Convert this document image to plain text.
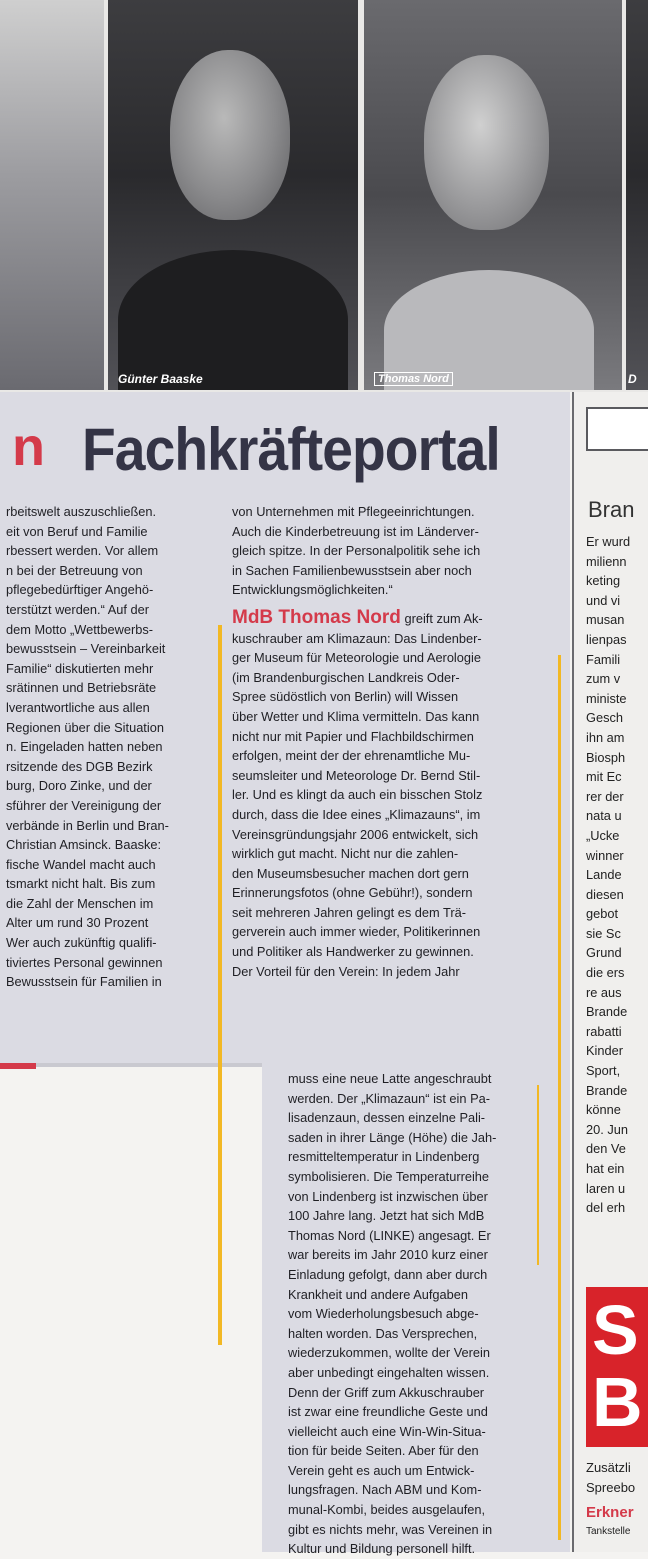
Günter Baaske	Thomas Nord	D
n Fachkräfteportal

rbeitswelt auszuschließen.

eit von Beruf und Familie

rbessert werden. Vor allem

n bei der Betreuung von

pflegebedürftiger Angehö-

terstützt werden.“ Auf der

dem Motto „Wettbewerbs-

bewusstsein – Vereinbarkeit

Familie“ diskutierten mehr

srätinnen und Betriebsräte

lverantwortliche aus allen

Regionen über die Situation

n. Eingeladen hatten neben

rsitzende des DGB Bezirk

burg, Doro Zinke, und der

sführer der Vereinigung der

verbände in Berlin und Bran-

Christian Amsinck. Baaske:

fische Wandel macht auch

tsmarkt nicht halt. Bis zum

die Zahl der Menschen im

Alter um rund 30 Prozent

Wer auch zukünftig qualifi-

tiviertes Personal gewinnen

Bewusstsein für Familien in

von Unternehmen mit Pflegeeinrichtungen.

Auch die Kinderbetreuung ist im Länderver-

gleich spitze. In der Personalpolitik sehe ich

in Sachen Familienbewusstsein aber noch

Entwicklungsmöglichkeiten.“

MdB Thomas Nord greift zum Ak-

kuschrauber am Klimazaun: Das Lindenber-

ger Museum für Meteorologie und Aerologie

(im Brandenburgischen Landkreis Oder-

Spree südöstlich von Berlin) will Wissen

über Wetter und Klima vermitteln. Das kann

nicht nur mit Papier und Flachbildschirmen

erfolgen, meint der der ehrenamtliche Mu-

seumsleiter und Meteorologe Dr. Bernd Stil-

ler. Und es klingt da auch ein bisschen Stolz

durch, dass die Idee eines „Klimazauns“, im

Vereinsgründungsjahr 2006 entwickelt, sich

wirklich gut macht. Nicht nur die zahlen-

den Museumsbesucher machen dort gern

Erinnerungsfotos (ohne Gebühr!), sondern

seit mehreren Jahren gelingt es dem Trä-

gerverein auch immer wieder, Politikerinnen

und Politiker als Handwerker zu gewinnen.

Der Vorteil für den Verein: In jedem Jahr

muss eine neue Latte angeschraubt

werden. Der „Klimazaun“ ist ein Pa-

lisadenzaun, dessen einzelne Pali-

saden in ihrer Länge (Höhe) die Jah-

resmitteltemperatur in Lindenberg

symbolisieren. Die Temperaturreihe

von Lindenberg ist inzwischen über

100 Jahre lang. Jetzt hat sich MdB

Thomas Nord (LINKE) angesagt. Er

war bereits im Jahr 2010 kurz einer

Einladung gefolgt, dann aber durch

Krankheit und andere Aufgaben

vom Wiederholungsbesuch abge-

halten worden. Das Versprechen,

wiederzukommen, wollte der Verein

aber unbedingt eingehalten wissen.

Denn der Griff zum Akkuschrauber

ist zwar eine freundliche Geste und

vielleicht auch eine Win-Win-Situa-

tion für beide Seiten. Aber für den

Verein geht es auch um Entwick-

lungsfragen. Nach ABM und Kom-

munal-Kombi, beides ausgelaufen,

gibt es nichts mehr, was Vereinen in

Kultur und Bildung personell hilft.

Bran

Er wurd

milienn

keting

und vi

musan

lienpas

Famili

zum v

ministe

Gesch

ihn am

Biosph

mit Ec

rer der

nata u

„Ucke

winner

Lande

diesen

gebot

sie Sc

Grund

die ers

re aus

Brande

rabatti

Kinder

Sport,

Brande

könne

20. Jun

den Ve

hat ein

laren u

del erh

S
B
Zusätzli
Spreebo
Erkner
Tankstelle
